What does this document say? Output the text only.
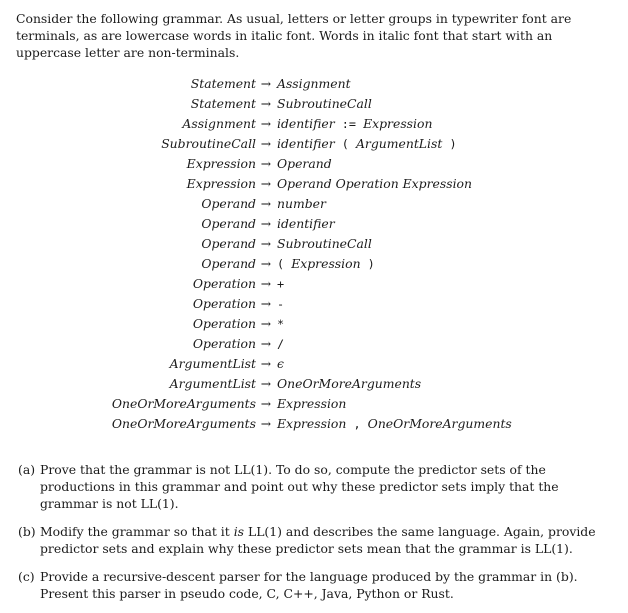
Consider the following grammar. As usual, letters or letter groups in typewriter font are terminals, as are lowercase words in italic font. Words in italic font that start with an uppercase letter are non-terminals.

Statement → Assignment
Statement → SubroutineCall
Assignment → identifier := Expression
SubroutineCall → identifier ( ArgumentList )
Expression → Operand
Expression → Operand Operation Expression
Operand → number
Operand → identifier
Operand → SubroutineCall
Operand → ( Expression )
Operation → +
Operation → -
Operation → *
Operation → /
ArgumentList → ϵ
ArgumentList → OneOrMoreArguments
OneOrMoreArguments → Expression
OneOrMoreArguments → Expression , OneOrMoreArguments
(a) Prove that the grammar is not LL(1). To do so, compute the predictor sets of the productions in this grammar and point out why these predictor sets imply that the grammar is not LL(1).
(b) Modify the grammar so that it is LL(1) and describes the same language. Again, provide predictor sets and explain why these predictor sets mean that the grammar is LL(1).
(c) Provide a recursive-descent parser for the language produced by the grammar in (b). Present this parser in pseudo code, C, C++, Java, Python or Rust.
